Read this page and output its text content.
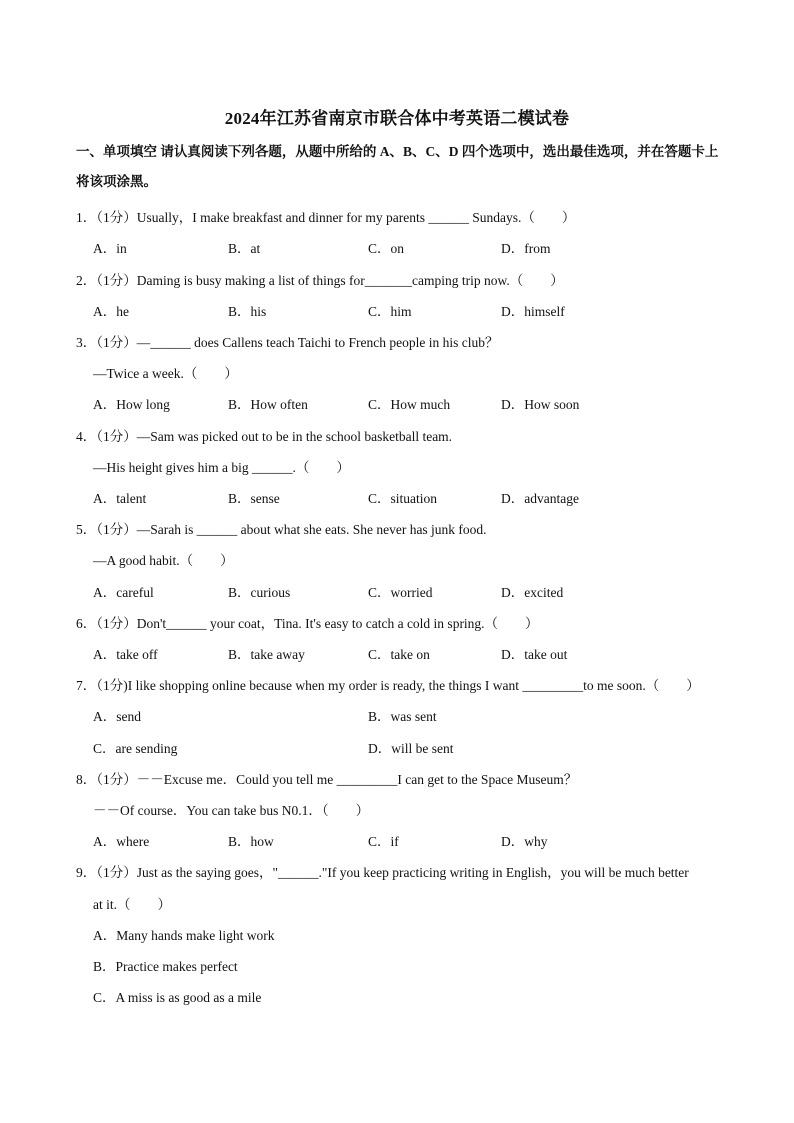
2024年江苏省南京市联合体中考英语二模试卷
一、单项填空 请认真阅读下列各题，从题中所给的 A、B、C、D 四个选项中，选出最佳选项，并在答题卡上将该项涂黑。
1．（1分）Usually，I make breakfast and dinner for my parents ______ Sundays.（　　）
A．in	B．at	C．on	D．from
2．（1分）Daming is busy making a list of things for_______camping trip now.（　　）
A．he	B．his	C．him	D．himself
3．（1分）—______ does Callens teach Taichi to French people in his club？
—Twice a week.（　　）
A．How long	B．How often	C．How much	D．How soon
4．（1分）—Sam was picked out to be in the school basketball team.
—His height gives him a big ______.（　　）
A．talent	B．sense	C．situation	D．advantage
5．（1分）—Sarah is ______ about what she eats. She never has junk food.
—A good habit.（　　）
A．careful	B．curious	C．worried	D．excited
6．（1分）Don't______ your coat，Tina. It's easy to catch a cold in spring.（　　）
A．take off	B．take away	C．take on	D．take out
7．（1分)I like shopping online because when my order is ready, the things I want _________to me soon.（　　）
A．send	B．was sent
C．are sending	D．will be sent
8．（1分）－－Excuse me．Could you tell me _________I can get to the Space Museum？
－－Of course．You can take bus N0.1．（　　）
A．where	B．how	C．if	D．why
9．（1分）Just as the saying goes，"______."If you keep practicing writing in English，you will be much better
at it.（　　）
A．Many hands make light work
B．Practice makes perfect
C．A miss is as good as a mile
